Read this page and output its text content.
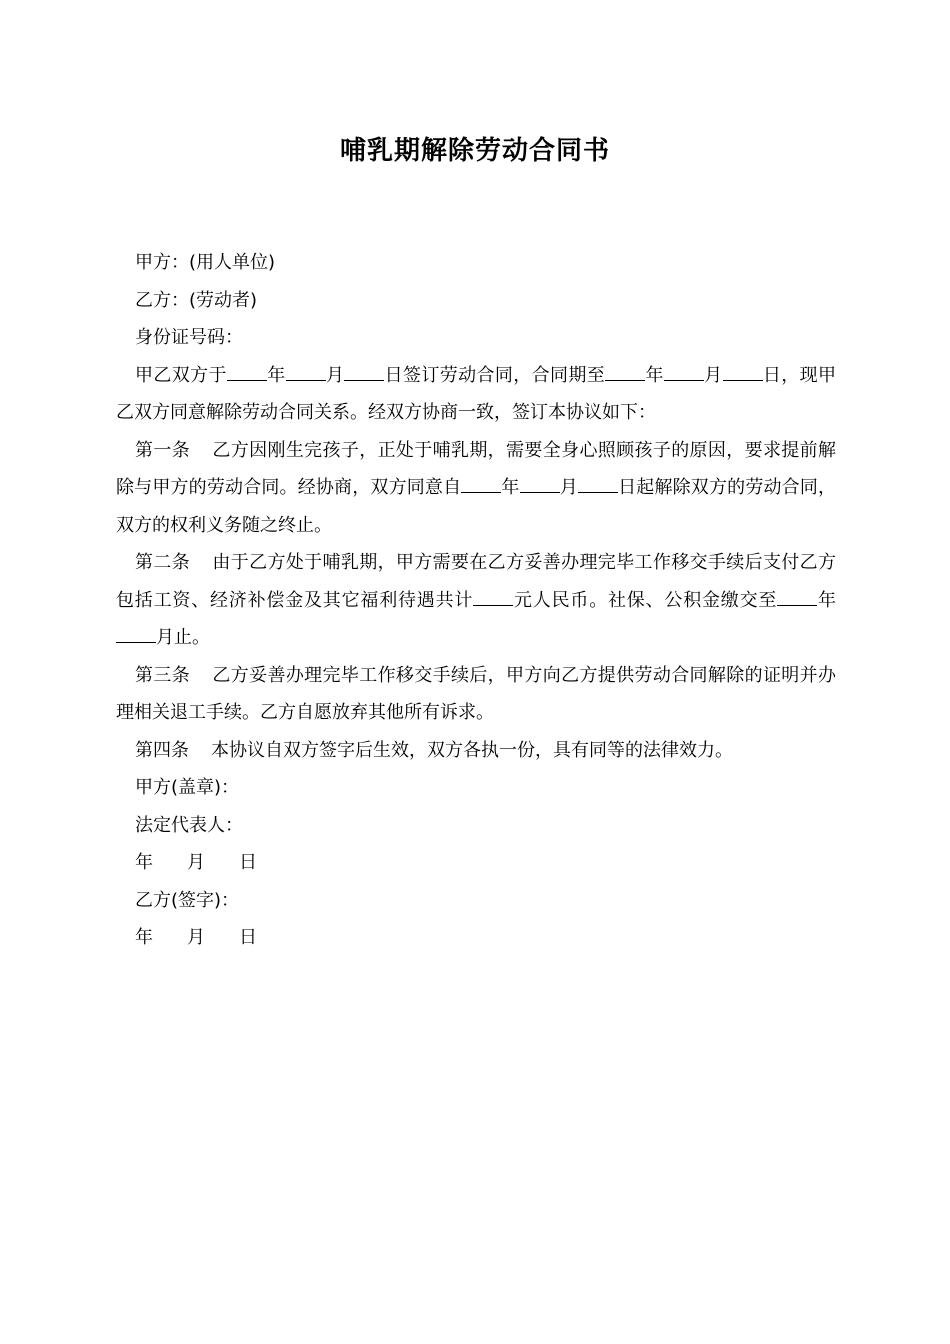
哺乳期解除劳动合同书

甲方：(用人单位)

乙方：(劳动者)

身份证号码：

甲乙双方于 年 月 日签订劳动合同，合同期至 年 月 日，现甲乙双方同意解除劳动合同关系。经双方协商一致，签订本协议如下：

第一条 乙方因刚生完孩子，正处于哺乳期，需要全身心照顾孩子的原因，要求提前解除与甲方的劳动合同。经协商，双方同意自 年 月 日起解除双方的劳动合同，双方的权利义务随之终止。

第二条 由于乙方处于哺乳期，甲方需要在乙方妥善办理完毕工作移交手续后支付乙方包括工资、经济补偿金及其它福利待遇共计 元人民币。社保、公积金缴交至 年月止。

第三条 乙方妥善办理完毕工作移交手续后，甲方向乙方提供劳动合同解除的证明并办理相关退工手续。乙方自愿放弃其他所有诉求。

第四条 本协议自双方签字后生效，双方各执一份，具有同等的法律效力。

甲方(盖章)：

法定代表人：

年 月 日

乙方(签字)：

年 月 日
